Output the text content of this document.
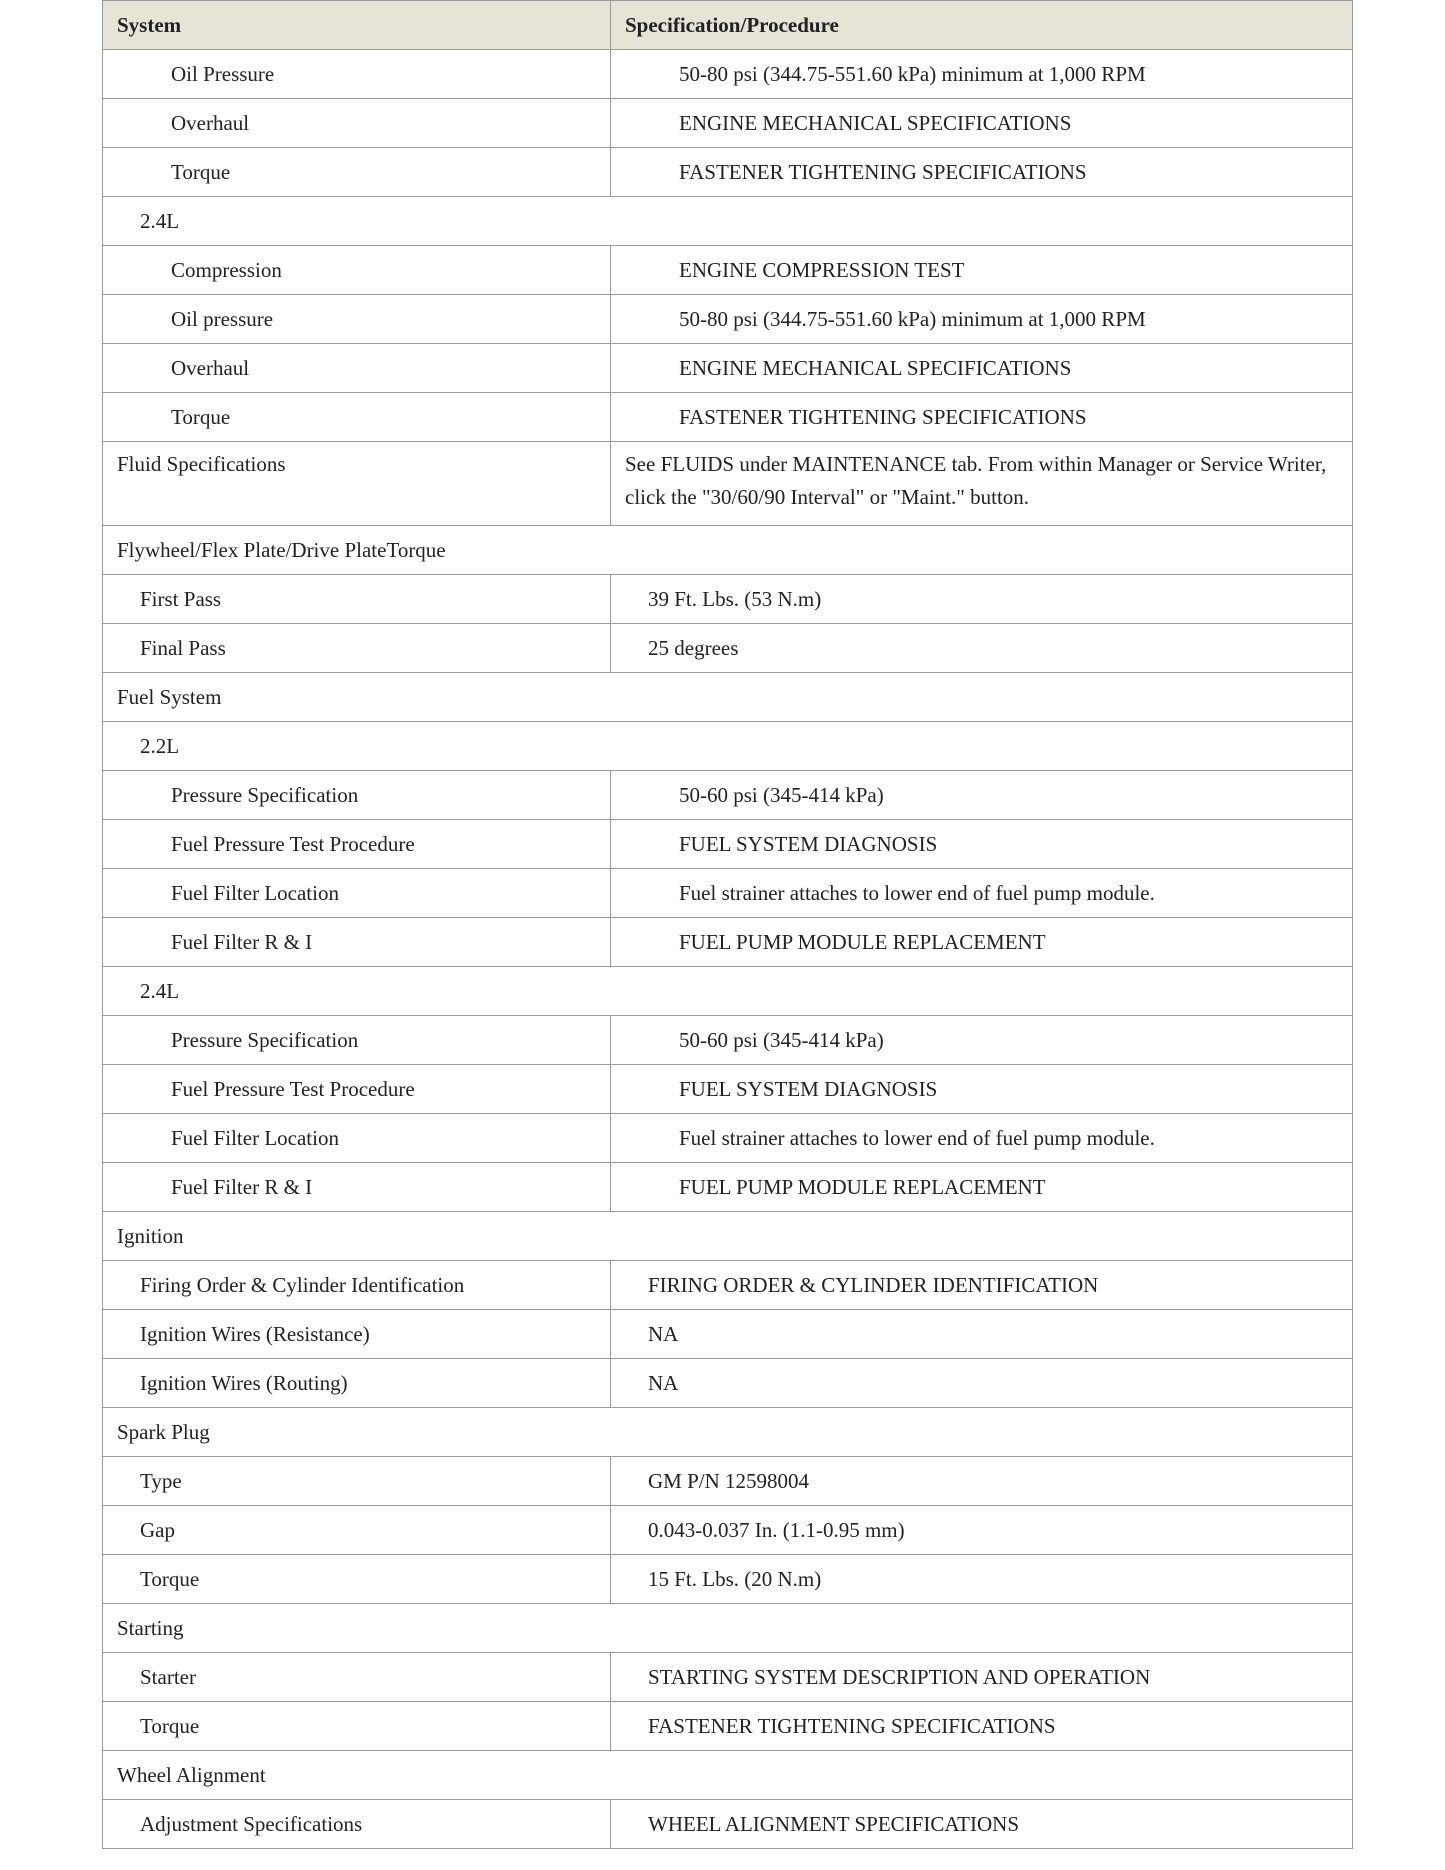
System	Specification/Procedure
Oil Pressure	50-80 psi (344.75-551.60 kPa) minimum at 1,000 RPM
Overhaul	ENGINE MECHANICAL SPECIFICATIONS
Torque	FASTENER TIGHTENING SPECIFICATIONS
2.4L	
Compression	ENGINE COMPRESSION TEST
Oil pressure	50-80 psi (344.75-551.60 kPa) minimum at 1,000 RPM
Overhaul	ENGINE MECHANICAL SPECIFICATIONS
Torque	FASTENER TIGHTENING SPECIFICATIONS
Fluid Specifications	See FLUIDS under MAINTENANCE tab. From within Manager or Service Writer, click the "30/60/90 Interval" or "Maint." button.
Flywheel/Flex Plate/Drive PlateTorque	
First Pass	39 Ft. Lbs. (53 N.m)
Final Pass	25 degrees
Fuel System	
2.2L	
Pressure Specification	50-60 psi (345-414 kPa)
Fuel Pressure Test Procedure	FUEL SYSTEM DIAGNOSIS
Fuel Filter Location	Fuel strainer attaches to lower end of fuel pump module.
Fuel Filter R & I	FUEL PUMP MODULE REPLACEMENT
2.4L	
Pressure Specification	50-60 psi (345-414 kPa)
Fuel Pressure Test Procedure	FUEL SYSTEM DIAGNOSIS
Fuel Filter Location	Fuel strainer attaches to lower end of fuel pump module.
Fuel Filter R & I	FUEL PUMP MODULE REPLACEMENT
Ignition	
Firing Order & Cylinder Identification	FIRING ORDER & CYLINDER IDENTIFICATION
Ignition Wires (Resistance)	NA
Ignition Wires (Routing)	NA
Spark Plug	
Type	GM P/N 12598004
Gap	0.043-0.037 In. (1.1-0.95 mm)
Torque	15 Ft. Lbs. (20 N.m)
Starting	
Starter	STARTING SYSTEM DESCRIPTION AND OPERATION
Torque	FASTENER TIGHTENING SPECIFICATIONS
Wheel Alignment	
Adjustment Specifications	WHEEL ALIGNMENT SPECIFICATIONS
